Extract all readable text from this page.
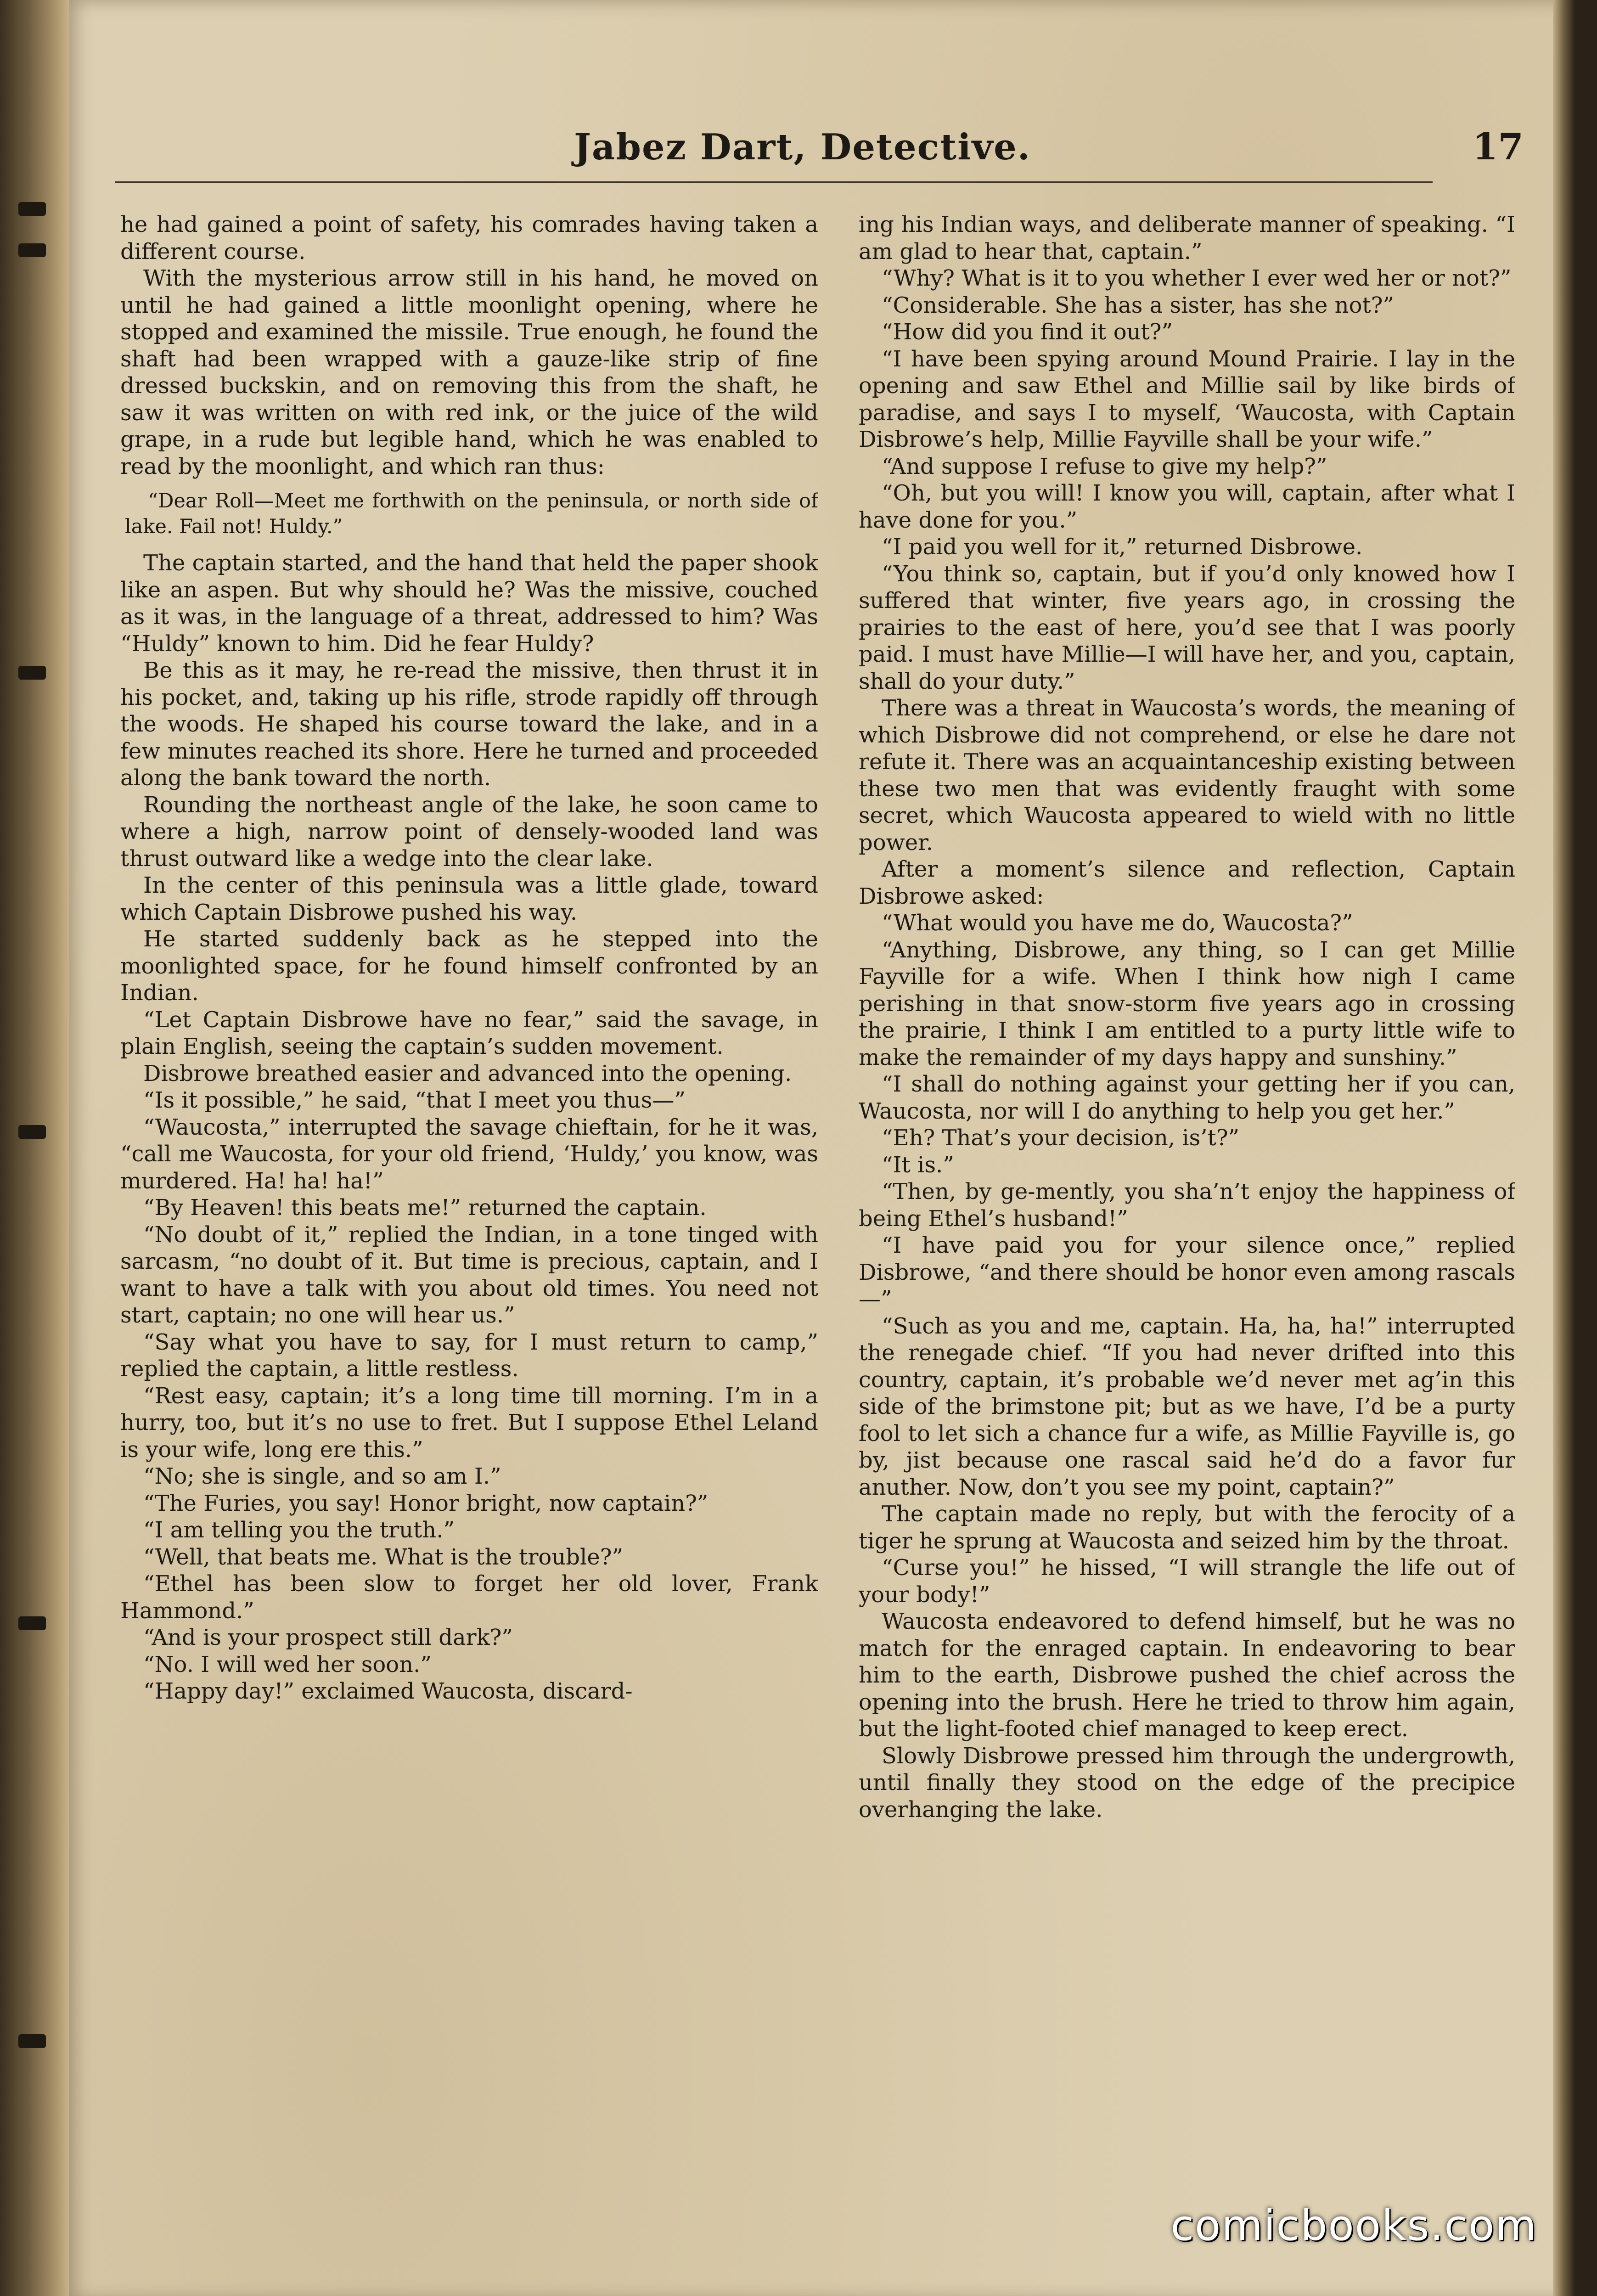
Jabez Dart, Detective.	17

he had gained a point of safety, his comrades having taken a different course.

With the mysterious arrow still in his hand, he moved on until he had gained a little moonlight opening, where he stopped and examined the missile. True enough, he found the shaft had been wrapped with a gauze-like strip of fine dressed buckskin, and on removing this from the shaft, he saw it was written on with red ink, or the juice of the wild grape, in a rude but legible hand, which he was enabled to read by the moonlight, and which ran thus:

“Dear Roll—Meet me forthwith on the peninsula, or north side of lake. Fail not! Huldy.”

The captain started, and the hand that held the paper shook like an aspen. But why should he? Was the missive, couched as it was, in the language of a threat, addressed to him? Was “Huldy” known to him. Did he fear Huldy?

Be this as it may, he re-read the missive, then thrust it in his pocket, and, taking up his rifle, strode rapidly off through the woods. He shaped his course toward the lake, and in a few minutes reached its shore. Here he turned and proceeded along the bank toward the north.

Rounding the northeast angle of the lake, he soon came to where a high, narrow point of densely-wooded land was thrust outward like a wedge into the clear lake.

In the center of this peninsula was a little glade, toward which Captain Disbrowe pushed his way.

He started suddenly back as he stepped into the moonlighted space, for he found himself confronted by an Indian.

“Let Captain Disbrowe have no fear,” said the savage, in plain English, seeing the captain’s sudden movement.

Disbrowe breathed easier and advanced into the opening.

“Is it possible,” he said, “that I meet you thus—”

“Waucosta,” interrupted the savage chieftain, for he it was, “call me Waucosta, for your old friend, ‘Huldy,’ you know, was murdered. Ha! ha! ha!”

“By Heaven! this beats me!” returned the captain.

“No doubt of it,” replied the Indian, in a tone tinged with sarcasm, “no doubt of it. But time is precious, captain, and I want to have a talk with you about old times. You need not start, captain; no one will hear us.”

“Say what you have to say, for I must return to camp,” replied the captain, a little restless.

“Rest easy, captain; it’s a long time till morning. I’m in a hurry, too, but it’s no use to fret. But I suppose Ethel Leland is your wife, long ere this.”

“No; she is single, and so am I.”

“The Furies, you say! Honor bright, now captain?”

“I am telling you the truth.”

“Well, that beats me. What is the trouble?”

“Ethel has been slow to forget her old lover, Frank Hammond.”

“And is your prospect still dark?”

“No. I will wed her soon.”

“Happy day!” exclaimed Waucosta, discard-

ing his Indian ways, and deliberate manner of speaking. “I am glad to hear that, captain.”

“Why? What is it to you whether I ever wed her or not?”

“Considerable. She has a sister, has she not?”

“How did you find it out?”

“I have been spying around Mound Prairie. I lay in the opening and saw Ethel and Millie sail by like birds of paradise, and says I to myself, ‘Waucosta, with Captain Disbrowe’s help, Millie Fayville shall be your wife.”

“And suppose I refuse to give my help?”

“Oh, but you will! I know you will, captain, after what I have done for you.”

“I paid you well for it,” returned Disbrowe.

“You think so, captain, but if you’d only knowed how I suffered that winter, five years ago, in crossing the prairies to the east of here, you’d see that I was poorly paid. I must have Millie—I will have her, and you, captain, shall do your duty.”

There was a threat in Waucosta’s words, the meaning of which Disbrowe did not comprehend, or else he dare not refute it. There was an acquaintanceship existing between these two men that was evidently fraught with some secret, which Waucosta appeared to wield with no little power.

After a moment’s silence and reflection, Captain Disbrowe asked:

“What would you have me do, Waucosta?”

“Anything, Disbrowe, any thing, so I can get Millie Fayville for a wife. When I think how nigh I came perishing in that snow-storm five years ago in crossing the prairie, I think I am entitled to a purty little wife to make the remainder of my days happy and sunshiny.”

“I shall do nothing against your getting her if you can, Waucosta, nor will I do anything to help you get her.”

“Eh? That’s your decision, is’t?”

“It is.”

“Then, by ge-mently, you sha’n’t enjoy the happiness of being Ethel’s husband!”

“I have paid you for your silence once,” replied Disbrowe, “and there should be honor even among rascals—”

“Such as you and me, captain. Ha, ha, ha!” interrupted the renegade chief. “If you had never drifted into this country, captain, it’s probable we’d never met ag’in this side of the brimstone pit; but as we have, I’d be a purty fool to let sich a chance fur a wife, as Millie Fayville is, go by, jist because one rascal said he’d do a favor fur anuther. Now, don’t you see my point, captain?”

The captain made no reply, but with the ferocity of a tiger he sprung at Waucosta and seized him by the throat.

“Curse you!” he hissed, “I will strangle the life out of your body!”

Waucosta endeavored to defend himself, but he was no match for the enraged captain. In endeavoring to bear him to the earth, Disbrowe pushed the chief across the opening into the brush. Here he tried to throw him again, but the light-footed chief managed to keep erect.

Slowly Disbrowe pressed him through the undergrowth, until finally they stood on the edge of the precipice overhanging the lake.

comicbooks.com
